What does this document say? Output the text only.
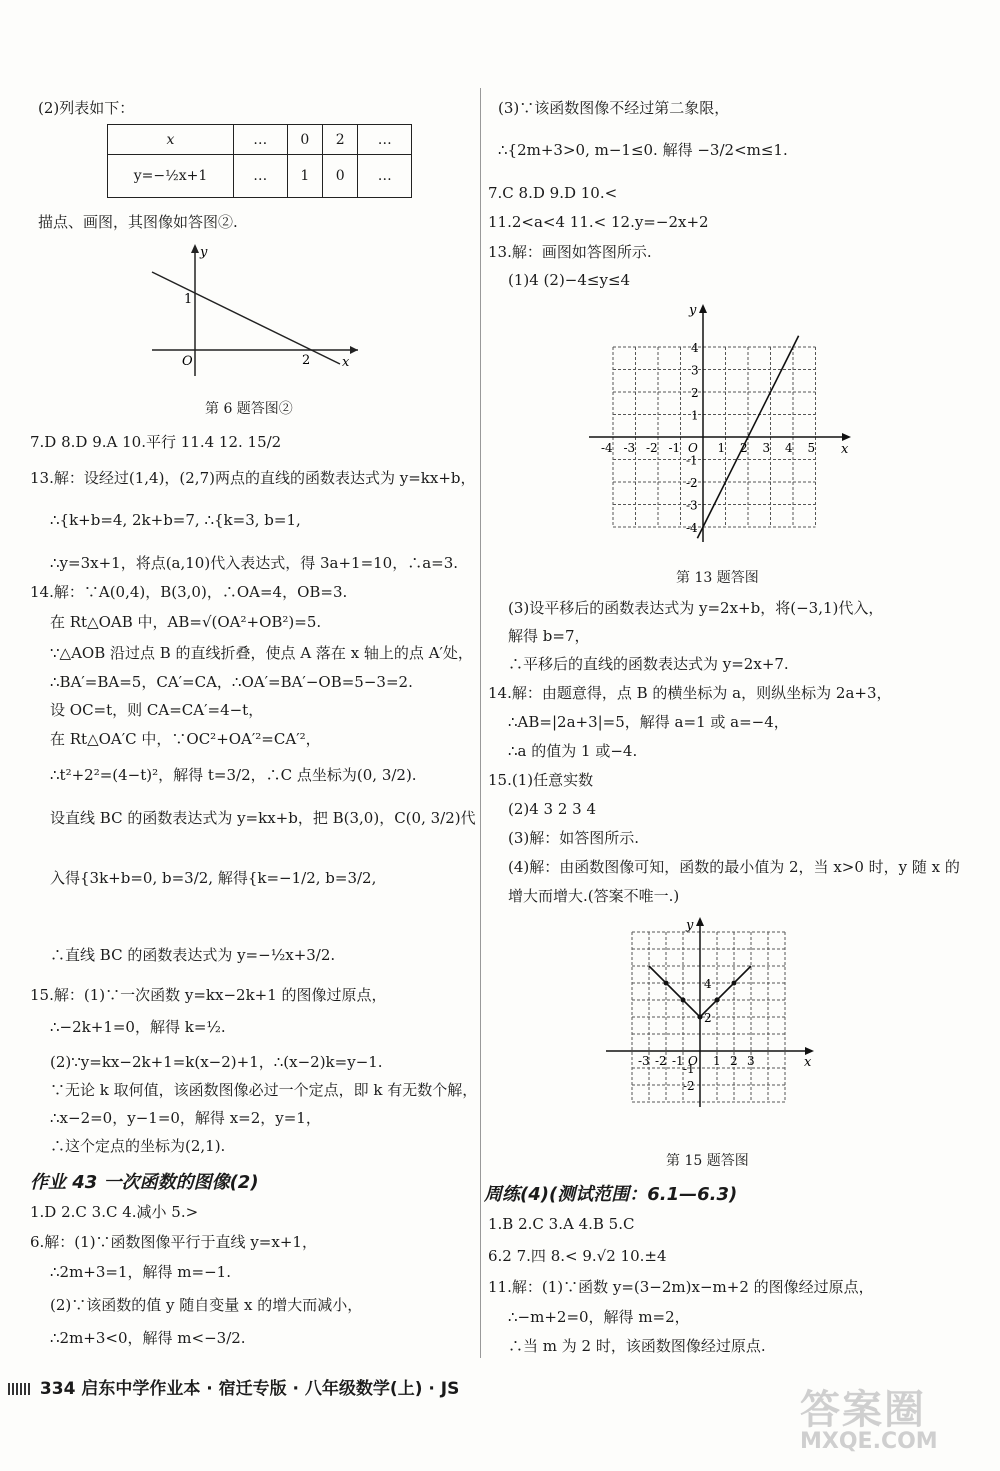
(2)列表如下：
x	…	0	2	…
y=−½x+1	…	1	0	…
描点、画图，其图像如答图②.
y
x
O
1
2
第 6 题答图②
7.D 8.D 9.A 10.平行 11.4 12. 15/2
13.解：设经过(1,4)，(2,7)两点的直线的函数表达式为 y=kx+b，
∴{k+b=4, 2k+b=7, ∴{k=3, b=1,
∴y=3x+1，将点(a,10)代入表达式，得 3a+1=10，∴a=3.
14.解：∵A(0,4)，B(3,0)，∴OA=4，OB=3.
在 Rt△OAB 中，AB=√(OA²+OB²)=5.
∵△AOB 沿过点 B 的直线折叠，使点 A 落在 x 轴上的点 A′处，
∴BA′=BA=5，CA′=CA，∴OA′=BA′−OB=5−3=2.
设 OC=t，则 CA=CA′=4−t，
在 Rt△OA′C 中，∵OC²+OA′²=CA′²，
∴t²+2²=(4−t)²，解得 t=3/2，∴C 点坐标为(0, 3/2).
设直线 BC 的函数表达式为 y=kx+b，把 B(3,0)，C(0, 3/2)代
入得{3k+b=0, b=3/2, 解得{k=−1/2, b=3/2,
∴直线 BC 的函数表达式为 y=−½x+3/2.
15.解：(1)∵一次函数 y=kx−2k+1 的图像过原点，
∴−2k+1=0，解得 k=½.
(2)∵y=kx−2k+1=k(x−2)+1，∴(x−2)k=y−1.
∵无论 k 取何值，该函数图像必过一个定点，即 k 有无数个解，
∴x−2=0，y−1=0，解得 x=2，y=1，
∴这个定点的坐标为(2,1).
作业 43 一次函数的图像(2)
1.D 2.C 3.C 4.减小 5.>
6.解：(1)∵函数图像平行于直线 y=x+1，
∴2m+3=1，解得 m=−1.
(2)∵该函数的值 y 随自变量 x 的增大而减小，
∴2m+3<0，解得 m<−3/2.
(3)∵该函数图像不经过第二象限，
∴{2m+3>0, m−1≤0. 解得 −3/2<m≤1.
7.C 8.D 9.D 10.<
11.2<a<4 11.< 12.y=−2x+2
13.解：画图如答图所示.
(1)4 (2)−4≤y≤4
y
x
O
-4 -3 -2 -1	1 2 3 4 5
4
3
2
1
-1
-2
-3
-4
第 13 题答图
(3)设平移后的函数表达式为 y=2x+b，将(−3,1)代入，
解得 b=7，
∴平移后的直线的函数表达式为 y=2x+7.
14.解：由题意得，点 B 的横坐标为 a，则纵坐标为 2a+3，
∴AB=|2a+3|=5，解得 a=1 或 a=−4，
∴a 的值为 1 或−4.
15.(1)任意实数
(2)4 3 2 3 4
(3)解：如答图所示.
(4)解：由函数图像可知，函数的最小值为 2，当 x>0 时，y 随 x 的
增大而增大.(答案不唯一.)
y
x
O
-3 -2 -1 1 2 3
4
2
-1
-2
第 15 题答图
周练(4)(测试范围：6.1—6.3)
1.B 2.C 3.A 4.B 5.C
6.2 7.四 8.< 9.√2 10.±4
11.解：(1)∵函数 y=(3−2m)x−m+2 的图像经过原点，
∴−m+2=0，解得 m=2，
∴当 m 为 2 时，该函数图像经过原点.
334 启东中学作业本 · 宿迁专版 · 八年级数学(上) · JS	答案圈
MXQE.COM
